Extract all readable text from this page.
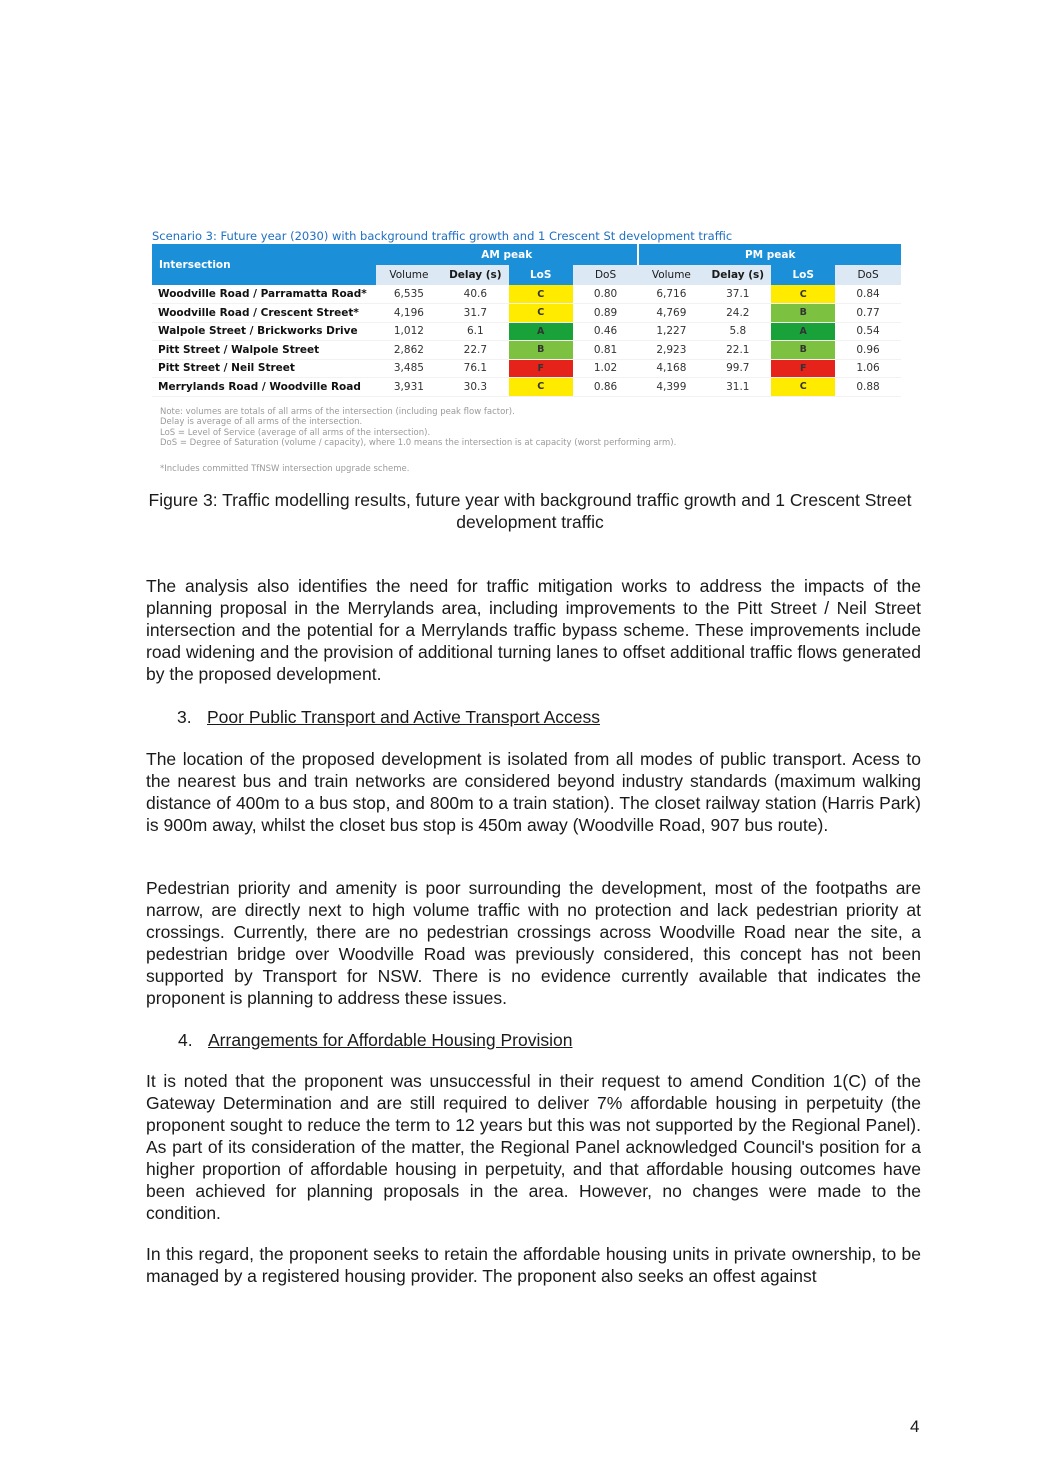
Scenario 3: Future year (2030) with background traffic growth and 1 Crescent St development traffic
Intersection	AM peak				PM peak			
	Volume	Delay (s)	LoS	DoS	Volume	Delay (s)	LoS	DoS
Woodville Road / Parramatta Road*	6,535	40.6	C	0.80	6,716	37.1	C	0.84
Woodville Road / Crescent Street*	4,196	31.7	C	0.89	4,769	24.2	B	0.77
Walpole Street / Brickworks Drive	1,012	6.1	A	0.46	1,227	5.8	A	0.54
Pitt Street / Walpole Street	2,862	22.7	B	0.81	2,923	22.1	B	0.96
Pitt Street / Neil Street	3,485	76.1	F	1.02	4,168	99.7	F	1.06
Merrylands Road / Woodville Road	3,931	30.3	C	0.86	4,399	31.1	C	0.88
Note: volumes are totals of all arms of the intersection (including peak flow factor).
Delay is average of all arms of the intersection.
LoS = Level of Service (average of all arms of the intersection).
DoS = Degree of Saturation (volume / capacity), where 1.0 means the intersection is at capacity (worst performing arm).
*Includes committed TfNSW intersection upgrade scheme.
Figure 3: Traffic modelling results, future year with background traffic growth and 1 Crescent Street development traffic

The analysis also identifies the need for traffic mitigation works to address the impacts of the planning proposal in the Merrylands area, including improvements to the Pitt Street / Neil Street intersection and the potential for a Merrylands traffic bypass scheme. These improvements include road widening and the provision of additional turning lanes to offset additional traffic flows generated by the proposed development.

3. Poor Public Transport and Active Transport Access

The location of the proposed development is isolated from all modes of public transport. Acess to the nearest bus and train networks are considered beyond industry standards (maximum walking distance of 400m to a bus stop, and 800m to a train station). The closet railway station (Harris Park) is 900m away, whilst the closet bus stop is 450m away (Woodville Road, 907 bus route).

Pedestrian priority and amenity is poor surrounding the development, most of the footpaths are narrow, are directly next to high volume traffic with no protection and lack pedestrian priority at crossings. Currently, there are no pedestrian crossings across Woodville Road near the site, a pedestrian bridge over Woodville Road was previously considered, this concept has not been supported by Transport for NSW. There is no evidence currently available that indicates the proponent is planning to address these issues.

4. Arrangements for Affordable Housing Provision

It is noted that the proponent was unsuccessful in their request to amend Condition 1(C) of the Gateway Determination and are still required to deliver 7% affordable housing in perpetuity (the proponent sought to reduce the term to 12 years but this was not supported by the Regional Panel). As part of its consideration of the matter, the Regional Panel acknowledged Council's position for a higher proportion of affordable housing in perpetuity, and that affordable housing outcomes have been achieved for planning proposals in the area. However, no changes were made to the condition.

In this regard, the proponent seeks to retain the affordable housing units in private ownership, to be managed by a registered housing provider. The proponent also seeks an offest against

4
